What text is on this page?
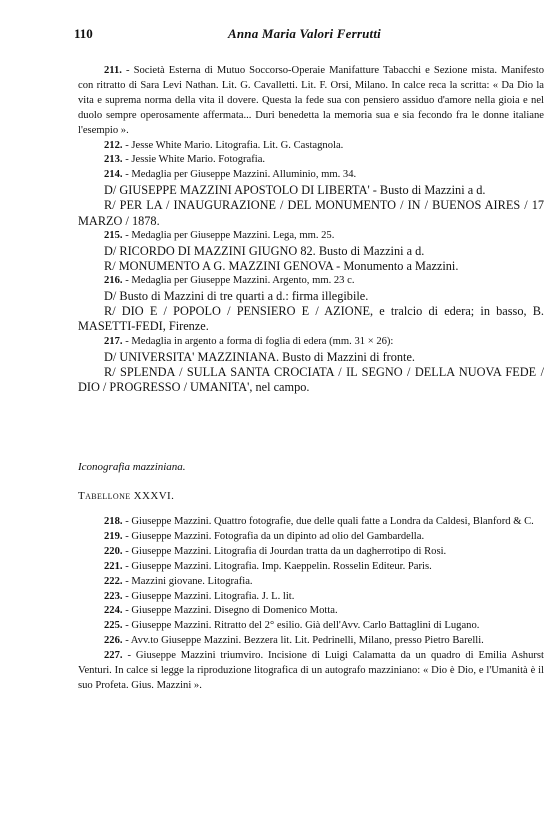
110	Anna Maria Valori Ferrutti

211. - Società Esterna di Mutuo Soccorso-Operaie Manifatture Tabacchi e Sezione mista. Manifesto con ritratto di Sara Levi Nathan. Lit. G. Cavalletti. Lit. F. Orsi, Milano. In calce reca la scritta: « Da Dio la vita e suprema norma della vita il dovere. Questa la fede sua con pensiero assiduo d'amore nella gioia e nel duolo sempre operosamente affermata... Duri benedetta la memoria sua e sia fecondo fra le donne italiane l'esempio ».

212. - Jesse White Mario. Litografia. Lit. G. Castagnola.

213. - Jessie White Mario. Fotografia.

214. - Medaglia per Giuseppe Mazzini. Alluminio, mm. 34.

D/ GIUSEPPE MAZZINI APOSTOLO DI LIBERTA' - Busto di Mazzini a d.

R/ PER LA / INAUGURAZIONE / DEL MONUMENTO / IN / BUENOS AIRES / 17 MARZO / 1878.

215. - Medaglia per Giuseppe Mazzini. Lega, mm. 25.

D/ RICORDO DI MAZZINI GIUGNO 82. Busto di Mazzini a d.

R/ MONUMENTO A G. MAZZINI GENOVA - Monumento a Mazzini.

216. - Medaglia per Giuseppe Mazzini. Argento, mm. 23 c.

D/ Busto di Mazzini di tre quarti a d.: firma illegibile.

R/ DIO E / POPOLO / PENSIERO E / AZIONE, e tralcio di edera; in basso, B. MASETTI-FEDI, Firenze.

217. - Medaglia in argento a forma di foglia di edera (mm. 31 × 26):

D/ UNIVERSITA' MAZZINIANA. Busto di Mazzini di fronte.

R/ SPLENDA / SULLA SANTA CROCIATA / IL SEGNO / DELLA NUOVA FEDE / DIO / PROGRESSO / UMANITA', nel campo.

Iconografia mazziniana.
Tabellone XXXVI.

218. - Giuseppe Mazzini. Quattro fotografie, due delle quali fatte a Londra da Caldesi, Blanford & C.

219. - Giuseppe Mazzini. Fotografia da un dipinto ad olio del Gambardella.

220. - Giuseppe Mazzini. Litografia di Jourdan tratta da un dagherrotipo di Rosi.

221. - Giuseppe Mazzini. Litografia. Imp. Kaeppelin. Rosselin Editeur. Paris.

222. - Mazzini giovane. Litografia.

223. - Giuseppe Mazzini. Litografia. J. L. lit.

224. - Giuseppe Mazzini. Disegno di Domenico Motta.

225. - Giuseppe Mazzini. Ritratto del 2° esilio. Già dell'Avv. Carlo Battaglini di Lugano.

226. - Avv.to Giuseppe Mazzini. Bezzera lit. Lit. Pedrinelli, Milano, presso Pietro Barelli.

227. - Giuseppe Mazzini triumviro. Incisione di Luigi Calamatta da un quadro di Emilia Ashurst Venturi. In calce si legge la riproduzione litografica di un autografo mazziniano: « Dio è Dio, e l'Umanità è il suo Profeta. Gius. Mazzini ».
